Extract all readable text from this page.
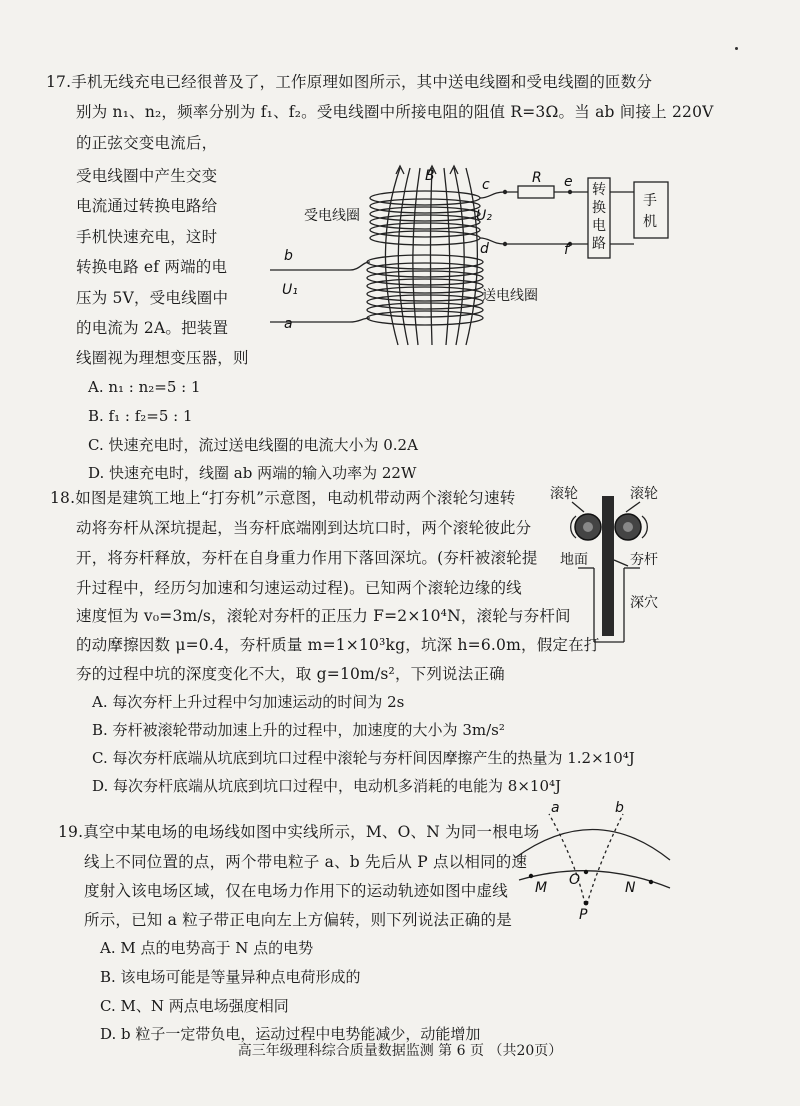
17.手机无线充电已经很普及了，工作原理如图所示，其中送电线圈和受电线圈的匝数分
别为 n₁、n₂，频率分别为 f₁、f₂。受电线圈中所接电阻的阻值 R=3Ω。当 ab 间接上 220V
的正弦交变电流后，
受电线圈中产生交变
电流通过转换电路给
手机快速充电，这时
转换电路 ef 两端的电
压为 5V，受电线圈中
的电流为 2A。把装置
线圈视为理想变压器，则
A. n₁ : n₂=5 : 1
B. f₁ : f₂=5 : 1
C. 快速充电时，流过送电线圈的电流大小为 0.2A
D. 快速充电时，线圈 ab 两端的输入功率为 22W
B
c	R e
U₂
d	f
b
U₁
a
受电线圈
送电线圈
转
换
电
路
手
机
18.如图是建筑工地上“打夯机”示意图，电动机带动两个滚轮匀速转
动将夯杆从深坑提起，当夯杆底端刚到达坑口时，两个滚轮彼此分
开，将夯杆释放，夯杆在自身重力作用下落回深坑。(夯杆被滚轮提
升过程中，经历匀加速和匀速运动过程)。已知两个滚轮边缘的线
速度恒为 v₀=3m/s，滚轮对夯杆的正压力 F=2×10⁴N，滚轮与夯杆间
的动摩擦因数 μ=0.4，夯杆质量 m=1×10³kg，坑深 h=6.0m，假定在打
夯的过程中坑的深度变化不大，取 g=10m/s²，下列说法正确
A. 每次夯杆上升过程中匀加速运动的时间为 2s
B. 夯杆被滚轮带动加速上升的过程中，加速度的大小为 3m/s²
C. 每次夯杆底端从坑底到坑口过程中滚轮与夯杆间因摩擦产生的热量为 1.2×10⁴J
D. 每次夯杆底端从坑底到坑口过程中，电动机多消耗的电能为 8×10⁴J
滚轮	滚轮
地面	夯杆
深穴
19.真空中某电场的电场线如图中实线所示，M、O、N 为同一根电场
线上不同位置的点，两个带电粒子 a、b 先后从 P 点以相同的速
度射入该电场区域，仅在电场力作用下的运动轨迹如图中虚线
所示，已知 a 粒子带正电向左上方偏转，则下列说法正确的是
A. M 点的电势高于 N 点的电势
B. 该电场可能是等量异种点电荷形成的
C. M、N 两点电场强度相同
D. b 粒子一定带负电，运动过程中电势能减少，动能增加
a	b
M O	N
P
高三年级理科综合质量数据监测 第 6 页 （共20页）
